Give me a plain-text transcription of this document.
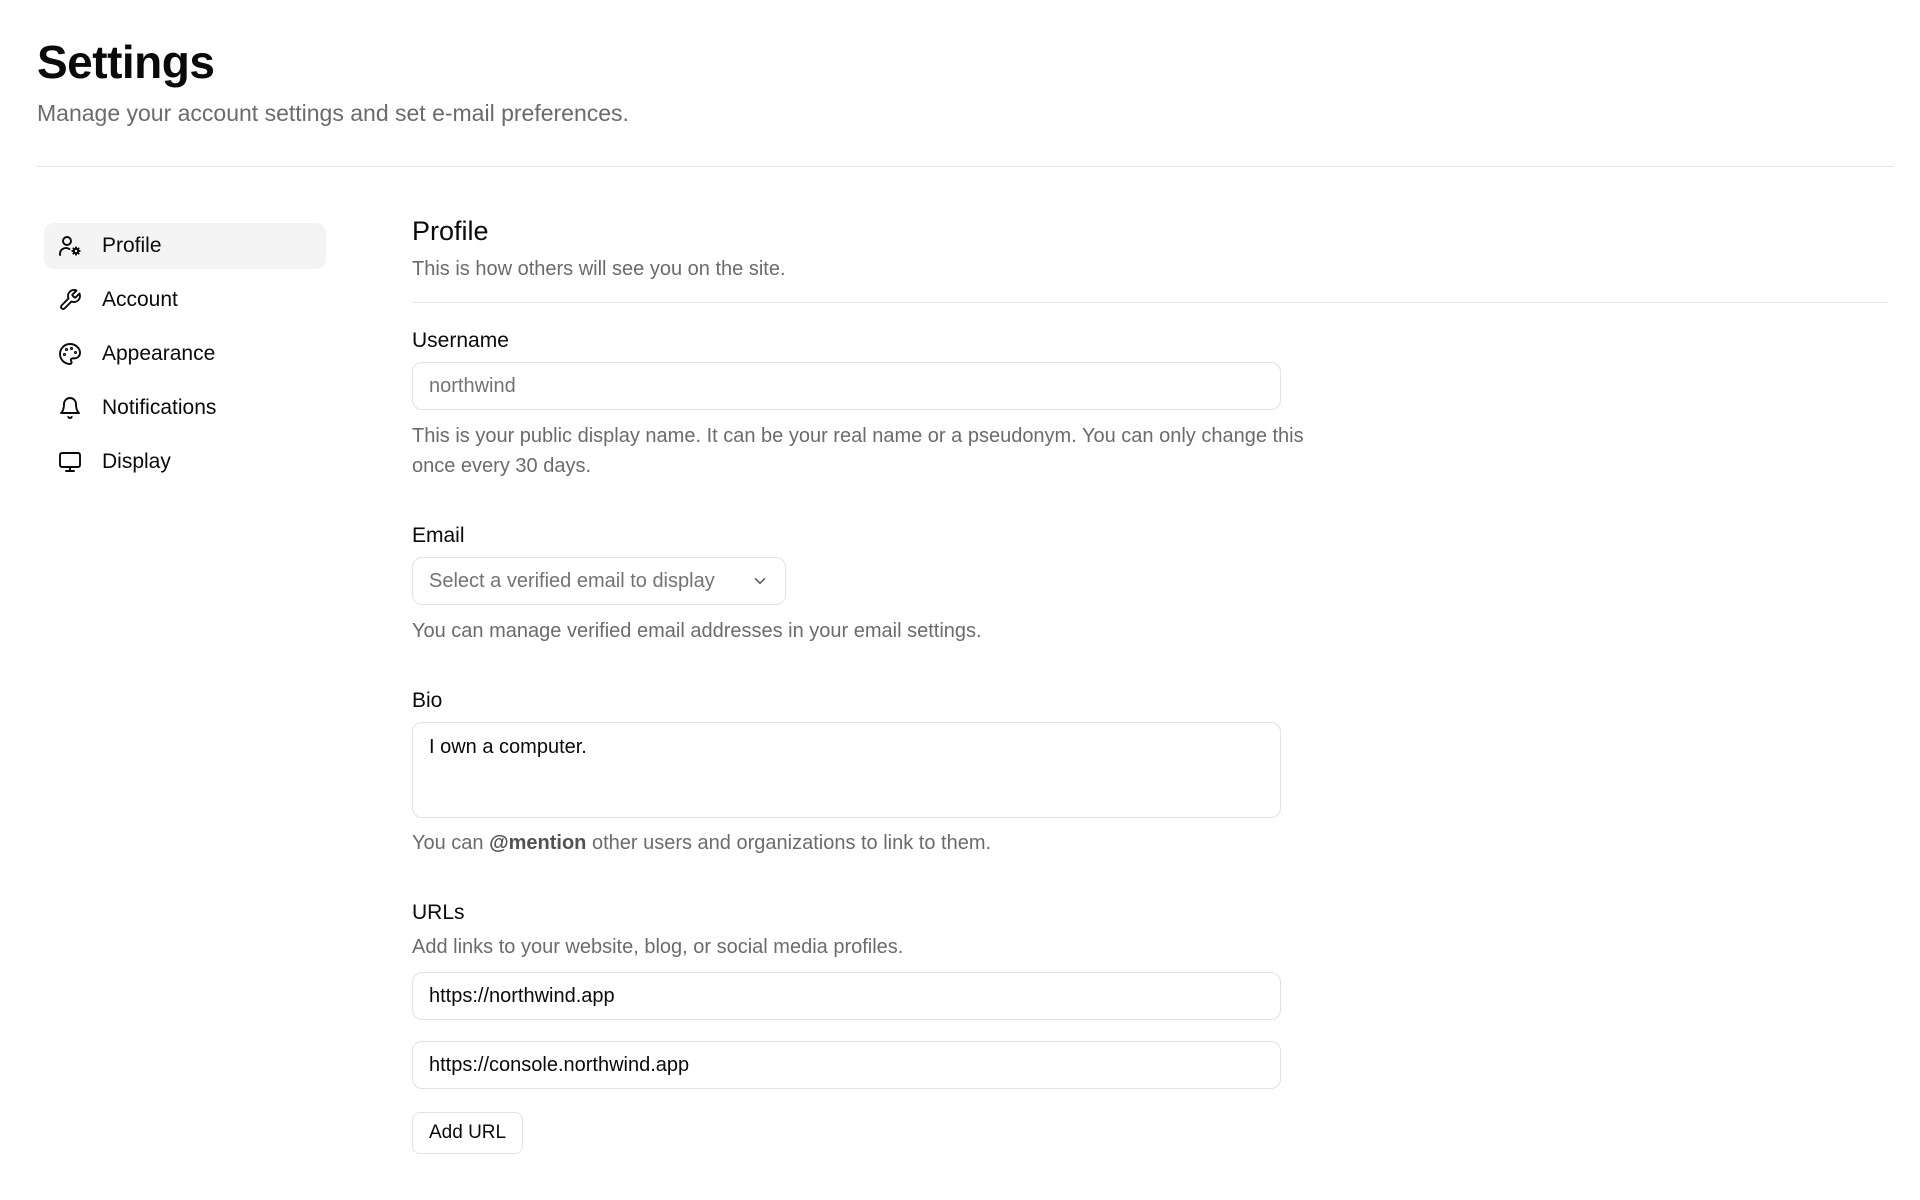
Settings

Manage your account settings and set e-mail preferences.

Profile
Account
Appearance
Notifications
Display
Profile

This is how others will see you on the site.

Username
northwind

This is your public display name. It can be your real name or a pseudonym. You can only change this once every 30 days.

Email
Select a verified email to display

You can manage verified email addresses in your email settings.

Bio
I own a computer.

You can @mention other users and organizations to link to them.

URLs

Add links to your website, blog, or social media profiles.

https://northwind.app
https://console.northwind.app Add URL
